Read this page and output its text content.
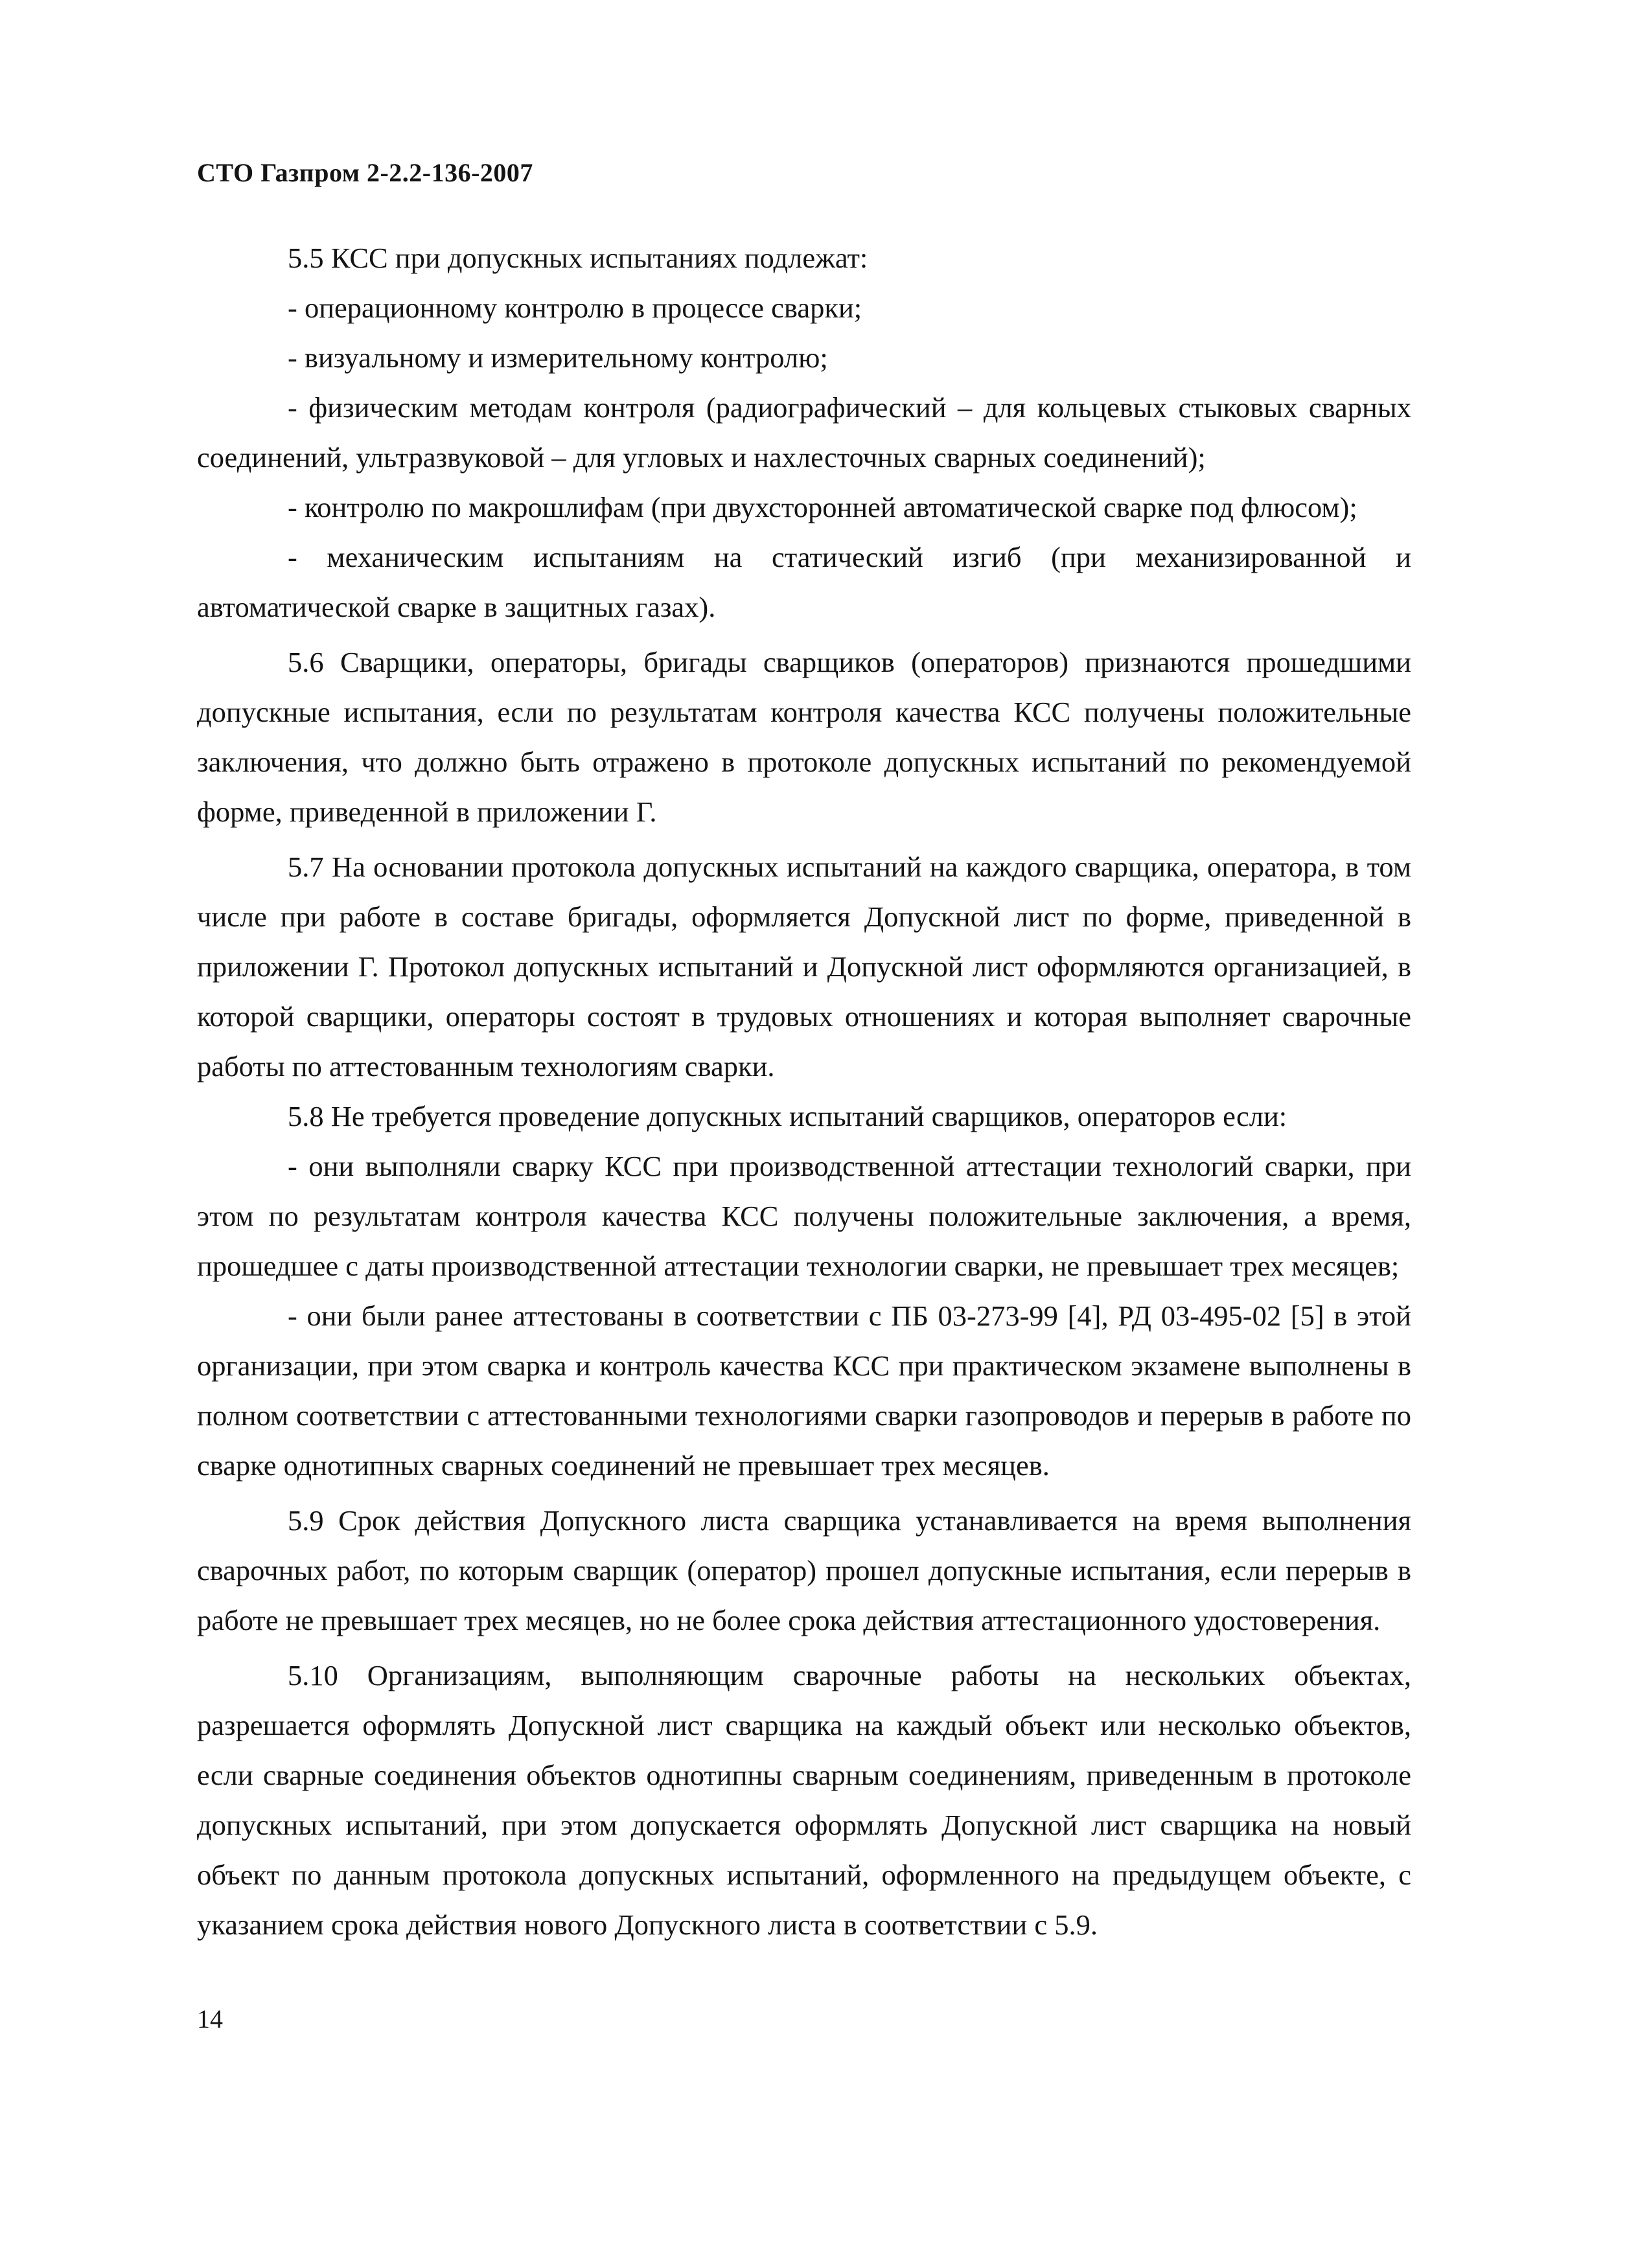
СТО Газпром 2-2.2-136-2007

5.5 КСС при допускных испытаниях подлежат:

- операционному контролю в процессе сварки;

- визуальному и измерительному контролю;

- физическим методам контроля (радиографический – для кольцевых стыковых сварных соединений, ультразвуковой – для угловых и нахлесточных сварных соединений);

- контролю по макрошлифам (при двухсторонней автоматической сварке под флюсом);

- механическим испытаниям на статический изгиб (при механизированной и автоматической сварке в защитных газах).

5.6 Сварщики, операторы, бригады сварщиков (операторов) признаются прошедшими допускные испытания, если по результатам контроля качества КСС получены положительные заключения, что должно быть отражено в протоколе допускных испытаний по рекомендуемой форме, приведенной в приложении Г.

5.7 На основании протокола допускных испытаний на каждого сварщика, оператора, в том числе при работе в составе бригады, оформляется Допускной лист по форме, приведенной в приложении Г. Протокол допускных испытаний и Допускной лист оформляются организацией, в которой сварщики, операторы состоят в трудовых отношениях и которая выполняет сварочные работы по аттестованным технологиям сварки.

5.8 Не требуется проведение допускных испытаний сварщиков, операторов если:

- они выполняли сварку КСС при производственной аттестации технологий сварки, при этом по результатам контроля качества КСС получены положительные заключения, а время, прошедшее с даты производственной аттестации технологии сварки, не превышает трех месяцев;

- они были ранее аттестованы в соответствии с ПБ 03-273-99 [4], РД 03-495-02 [5] в этой организации, при этом сварка и контроль качества КСС при практическом экзамене выполнены в полном соответствии с аттестованными технологиями сварки газопроводов и перерыв в работе по сварке однотипных сварных соединений не превышает трех месяцев.

5.9 Срок действия Допускного листа сварщика устанавливается на время выполнения сварочных работ, по которым сварщик (оператор) прошел допускные испытания, если перерыв в работе не превышает трех месяцев, но не более срока действия аттестационного удостоверения.

5.10 Организациям, выполняющим сварочные работы на нескольких объектах, разрешается оформлять Допускной лист сварщика на каждый объект или несколько объектов, если сварные соединения объектов однотипны сварным соединениям, приведенным в протоколе допускных испытаний, при этом допускается оформлять Допускной лист сварщика на новый объект по данным протокола допускных испытаний, оформленного на предыдущем объекте, с указанием срока действия нового Допускного листа в соответствии с 5.9.

14
